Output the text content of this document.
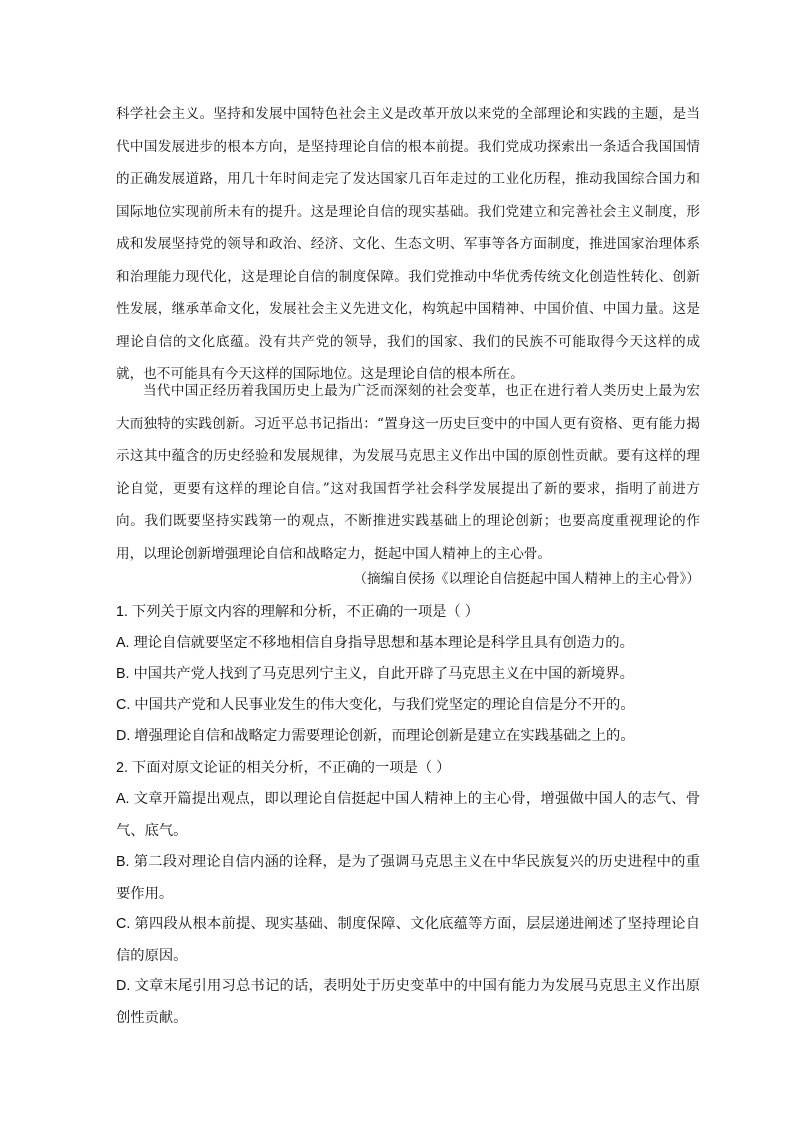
科学社会主义。坚持和发展中国特色社会主义是改革开放以来党的全部理论和实践的主题，是当代中国发展进步的根本方向，是坚持理论自信的根本前提。我们党成功探索出一条适合我国国情的正确发展道路，用几十年时间走完了发达国家几百年走过的工业化历程，推动我国综合国力和国际地位实现前所未有的提升。这是理论自信的现实基础。我们党建立和完善社会主义制度，形成和发展坚持党的领导和政治、经济、文化、生态文明、军事等各方面制度，推进国家治理体系和治理能力现代化，这是理论自信的制度保障。我们党推动中华优秀传统文化创造性转化、创新性发展，继承革命文化，发展社会主义先进文化，构筑起中国精神、中国价值、中国力量。这是理论自信的文化底蕴。没有共产党的领导，我们的国家、我们的民族不可能取得今天这样的成就，也不可能具有今天这样的国际地位。这是理论自信的根本所在。

当代中国正经历着我国历史上最为广泛而深刻的社会变革，也正在进行着人类历史上最为宏大而独特的实践创新。习近平总书记指出：“置身这一历史巨变中的中国人更有资格、更有能力揭示这其中蕴含的历史经验和发展规律，为发展马克思主义作出中国的原创性贡献。要有这样的理论自觉，更要有这样的理论自信。”这对我国哲学社会科学发展提出了新的要求，指明了前进方向。我们既要坚持实践第一的观点，不断推进实践基础上的理论创新；也要高度重视理论的作用，以理论创新增强理论自信和战略定力，挺起中国人精神上的主心骨。

（摘编自侯扬《以理论自信挺起中国人精神上的主心骨》）

1. 下列关于原文内容的理解和分析，不正确的一项是（ ）

A. 理论自信就要坚定不移地相信自身指导思想和基本理论是科学且具有创造力的。

B. 中国共产党人找到了马克思列宁主义，自此开辟了马克思主义在中国的新境界。

C. 中国共产党和人民事业发生的伟大变化，与我们党坚定的理论自信是分不开的。

D. 增强理论自信和战略定力需要理论创新，而理论创新是建立在实践基础之上的。

2. 下面对原文论证的相关分析，不正确的一项是（ ）

A. 文章开篇提出观点，即以理论自信挺起中国人精神上的主心骨，增强做中国人的志气、骨气、底气。

B. 第二段对理论自信内涵的诠释，是为了强调马克思主义在中华民族复兴的历史进程中的重要作用。

C. 第四段从根本前提、现实基础、制度保障、文化底蕴等方面，层层递进阐述了坚持理论自信的原因。

D. 文章末尾引用习总书记的话，表明处于历史变革中的中国有能力为发展马克思主义作出原创性贡献。
